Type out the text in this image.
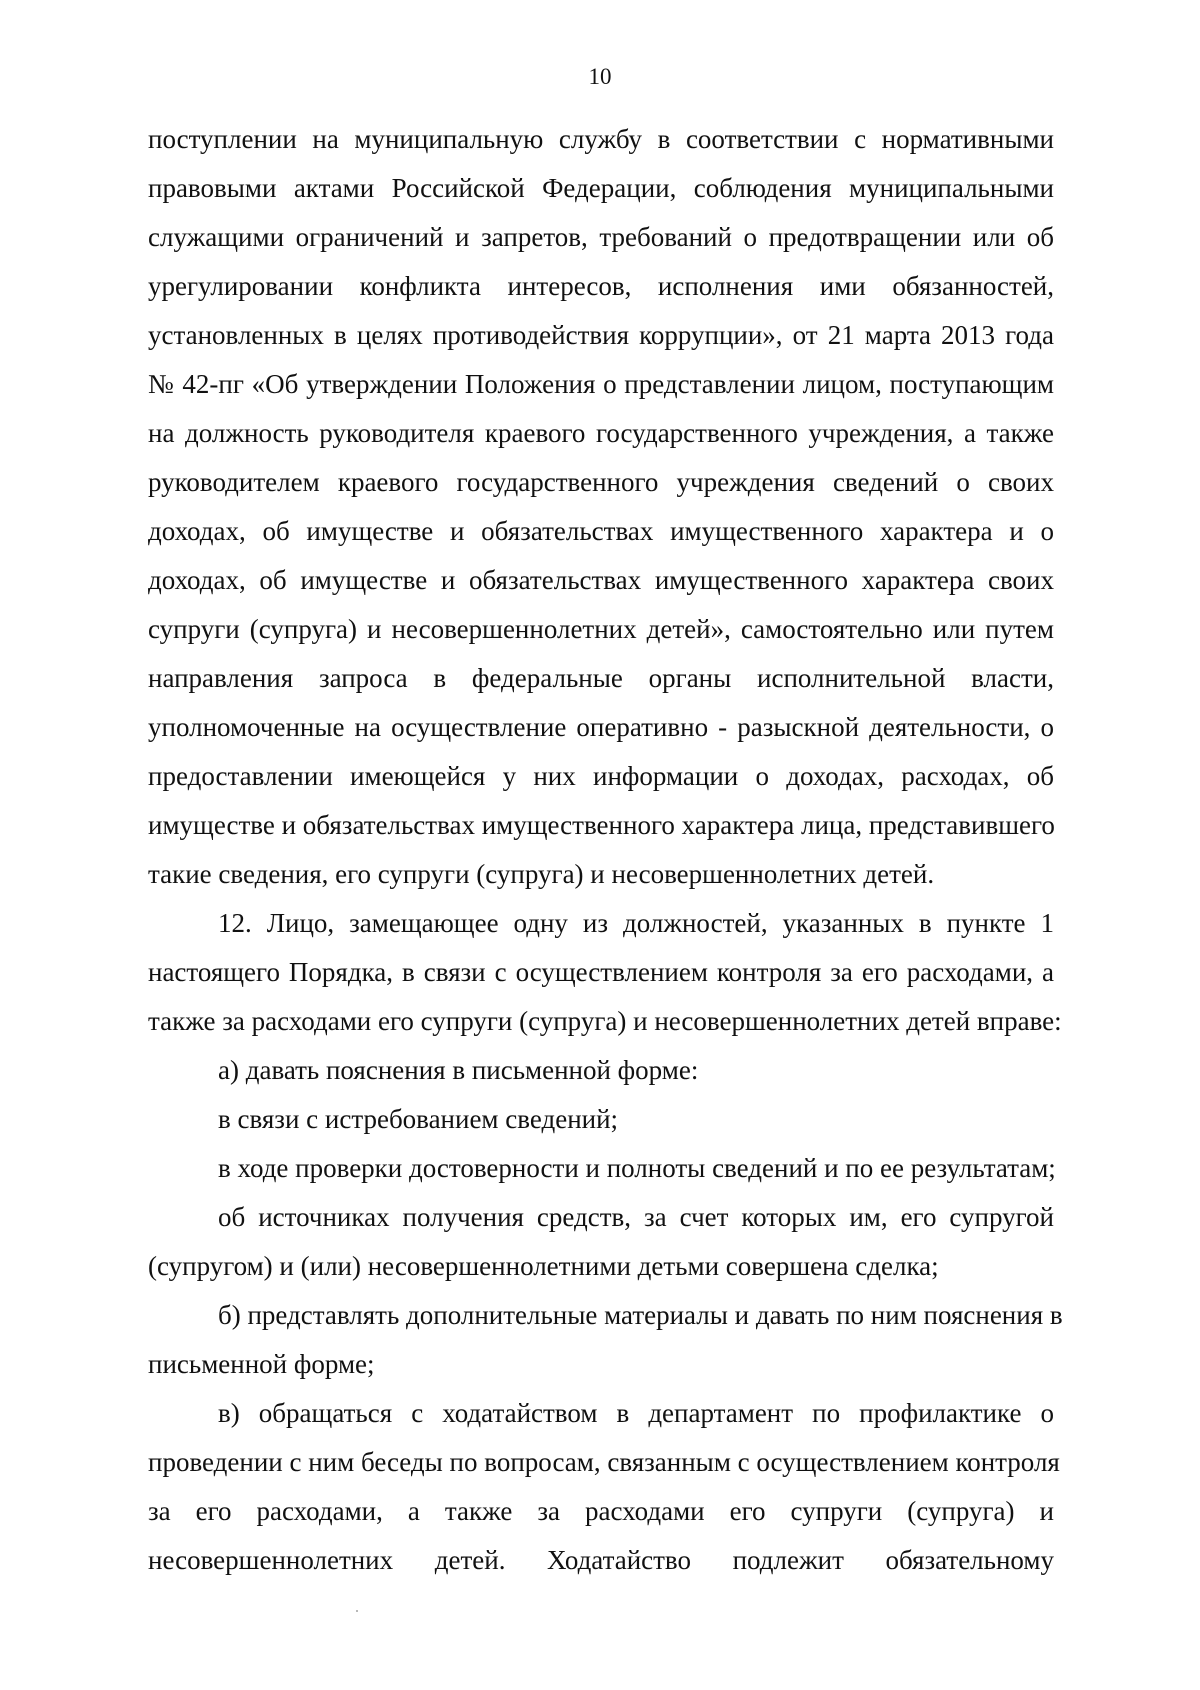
10

поступлении на муниципальную службу в соответствии с нормативными
правовыми актами Российской Федерации, соблюдения муниципальными
служащими ограничений и запретов, требований о предотвращении или об
урегулировании конфликта интересов, исполнения ими обязанностей,
установленных в целях противодействия коррупции», от 21 марта 2013 года
№ 42-пг «Об утверждении Положения о представлении лицом, поступающим
на должность руководителя краевого государственного учреждения, а также
руководителем краевого государственного учреждения сведений о своих
доходах, об имуществе и обязательствах имущественного характера и о
доходах, об имуществе и обязательствах имущественного характера своих
супруги (супруга) и несовершеннолетних детей», самостоятельно или путем
направления запроса в федеральные органы исполнительной власти,
уполномоченные на осуществление оперативно - разыскной деятельности, о
предоставлении имеющейся у них информации о доходах, расходах, об
имуществе и обязательствах имущественного характера лица, представившего
такие сведения, его супруги (супруга) и несовершеннолетних детей.

12. Лицо, замещающее одну из должностей, указанных в пункте 1
настоящего Порядка, в связи с осуществлением контроля за его расходами, а
также за расходами его супруги (супруга) и несовершеннолетних детей вправе:

а) давать пояснения в письменной форме:

в связи с истребованием сведений;

в ходе проверки достоверности и полноты сведений и по ее результатам;

об источниках получения средств, за счет которых им, его супругой
(супругом) и (или) несовершеннолетними детьми совершена сделка;

б) представлять дополнительные материалы и давать по ним пояснения в
письменной форме;

в) обращаться с ходатайством в департамент по профилактике о
проведении с ним беседы по вопросам, связанным с осуществлением контроля
за его расходами, а также за расходами его супруги (супруга) и
несовершеннолетних детей. Ходатайство подлежит обязательному
